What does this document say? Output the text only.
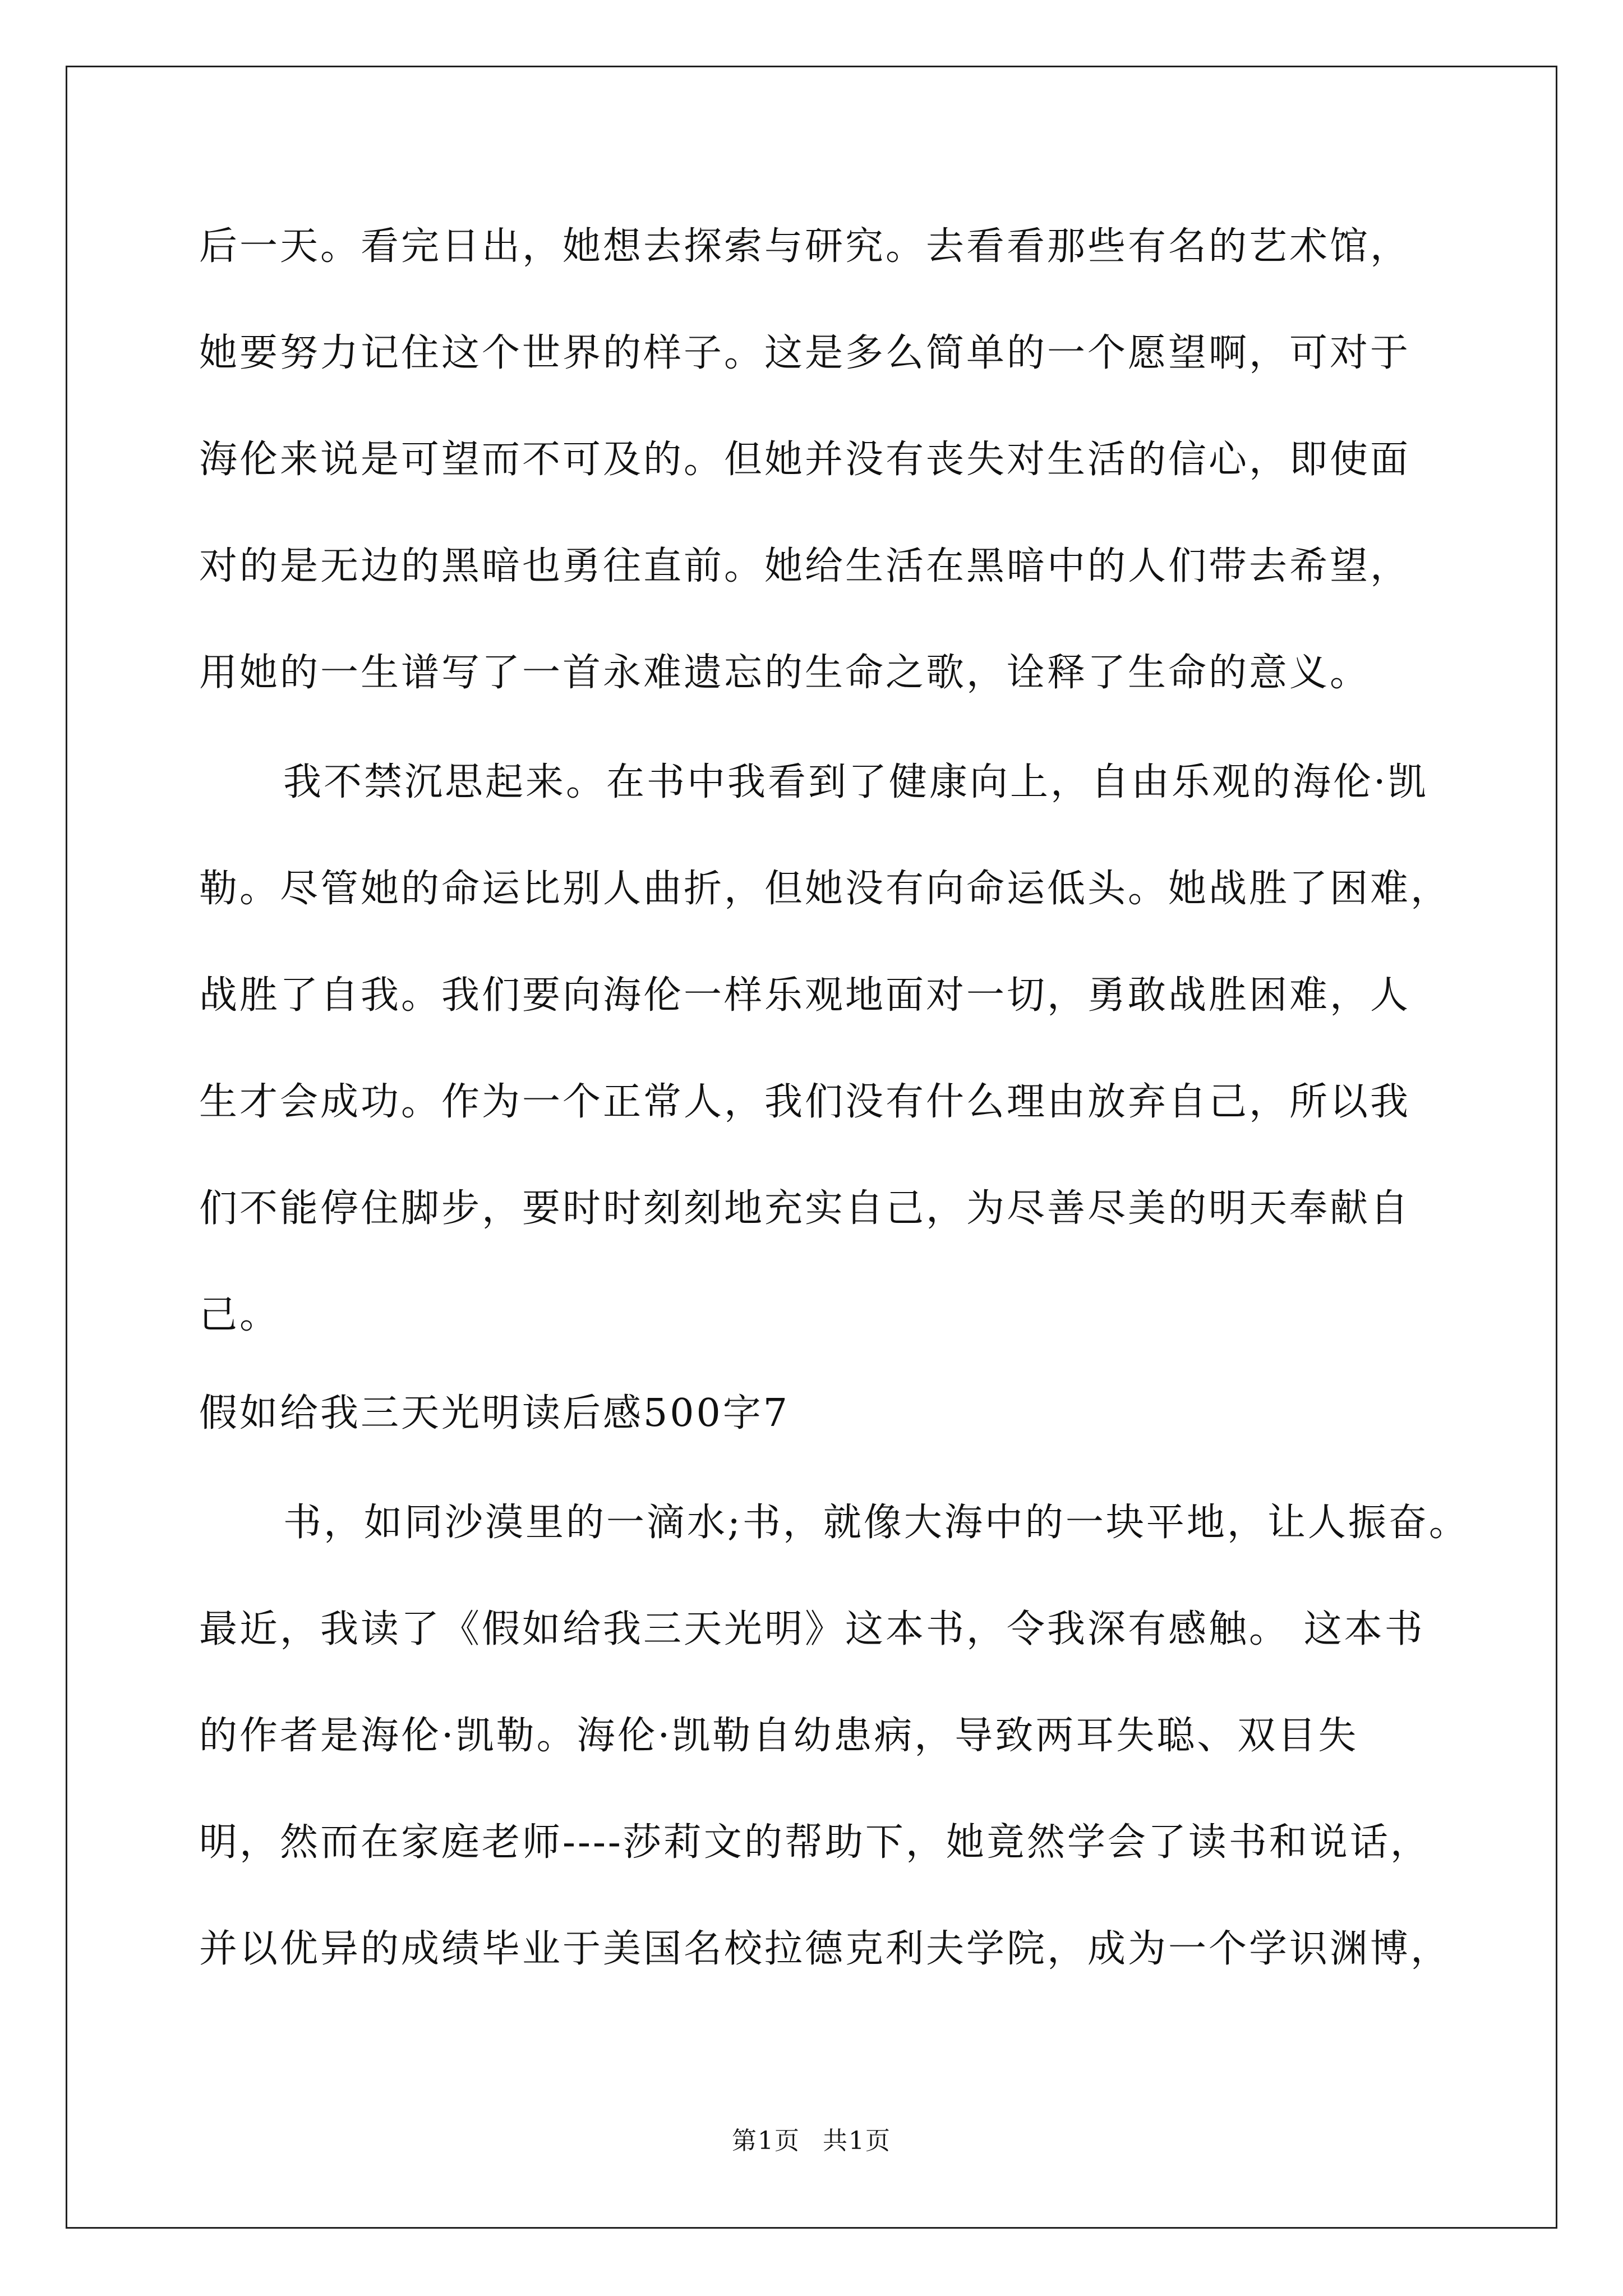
后一天。看完日出，她想去探索与研究。去看看那些有名的艺术馆，
她要努力记住这个世界的样子。这是多么简单的一个愿望啊，可对于
海伦来说是可望而不可及的。但她并没有丧失对生活的信心，即使面
对的是无边的黑暗也勇往直前。她给生活在黑暗中的人们带去希望，
用她的一生谱写了一首永难遗忘的生命之歌，诠释了生命的意义。
我不禁沉思起来。在书中我看到了健康向上，自由乐观的海伦·凯
勒。尽管她的命运比别人曲折，但她没有向命运低头。她战胜了困难，
战胜了自我。我们要向海伦一样乐观地面对一切，勇敢战胜困难，人
生才会成功。作为一个正常人，我们没有什么理由放弃自己，所以我
们不能停住脚步，要时时刻刻地充实自己，为尽善尽美的明天奉献自
己。
假如给我三天光明读后感500字7
书，如同沙漠里的一滴水;书，就像大海中的一块平地，让人振奋。
最近，我读了《假如给我三天光明》这本书，令我深有感触。 这本书
的作者是海伦·凯勒。海伦·凯勒自幼患病，导致两耳失聪、双目失
明，然而在家庭老师----莎莉文的帮助下，她竟然学会了读书和说话，
并以优异的成绩毕业于美国名校拉德克利夫学院，成为一个学识渊博，
第1页 共1页
